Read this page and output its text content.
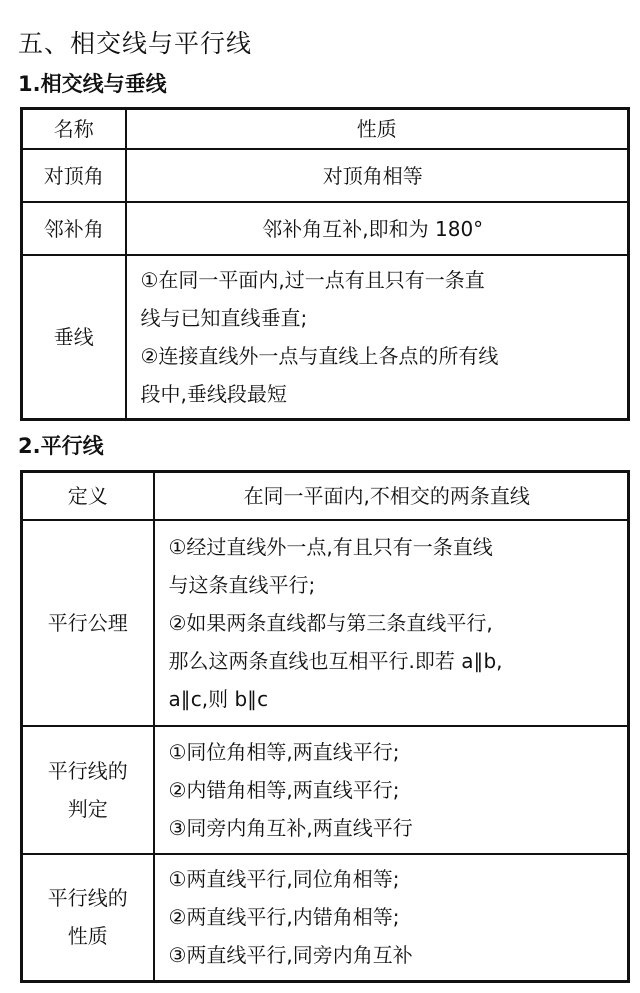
五、相交线与平行线
1.相交线与垂线
名称	性质
对顶角	对顶角相等

邻补角	邻补角互补,即和为 180°

垂线	①在同一平面内,过一点有且只有一条直
线与已知直线垂直;
②连接直线外一点与直线上各点的所有线
段中,垂线段最短
2.平行线
定义	在同一平面内,不相交的两条直线

平行公理	①经过直线外一点,有且只有一条直线
与这条直线平行;
②如果两条直线都与第三条直线平行,
那么这两条直线也互相平行.即若 a∥b,
a∥c,则 b∥c

平行线的
判定	①同位角相等,两直线平行;
②内错角相等,两直线平行;
③同旁内角互补,两直线平行

平行线的
性质	①两直线平行,同位角相等;
②两直线平行,内错角相等;
③两直线平行,同旁内角互补
